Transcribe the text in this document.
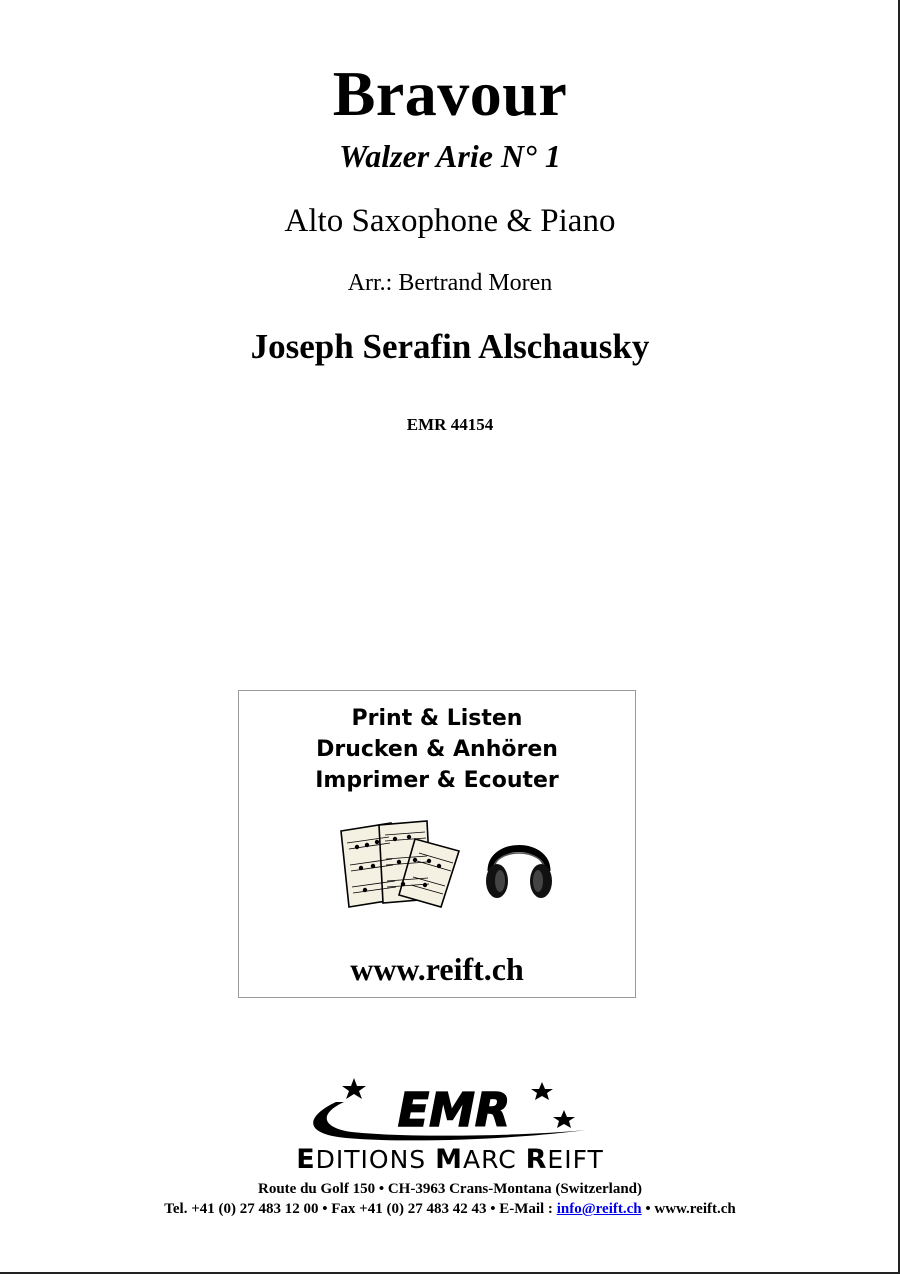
Bravour
Walzer Arie N° 1
Alto Saxophone & Piano
Arr.: Bertrand Moren
Joseph Serafin Alschausky
EMR 44154

Print & Listen

Drucken & Anhören

Imprimer & Ecouter

www.reift.ch

EMR
EDITIONS MARC REIFT
Route du Golf 150 • CH-3963 Crans-Montana (Switzerland)
Tel. +41 (0) 27 483 12 00 • Fax +41 (0) 27 483 42 43 • E-Mail : info@reift.ch • www.reift.ch
